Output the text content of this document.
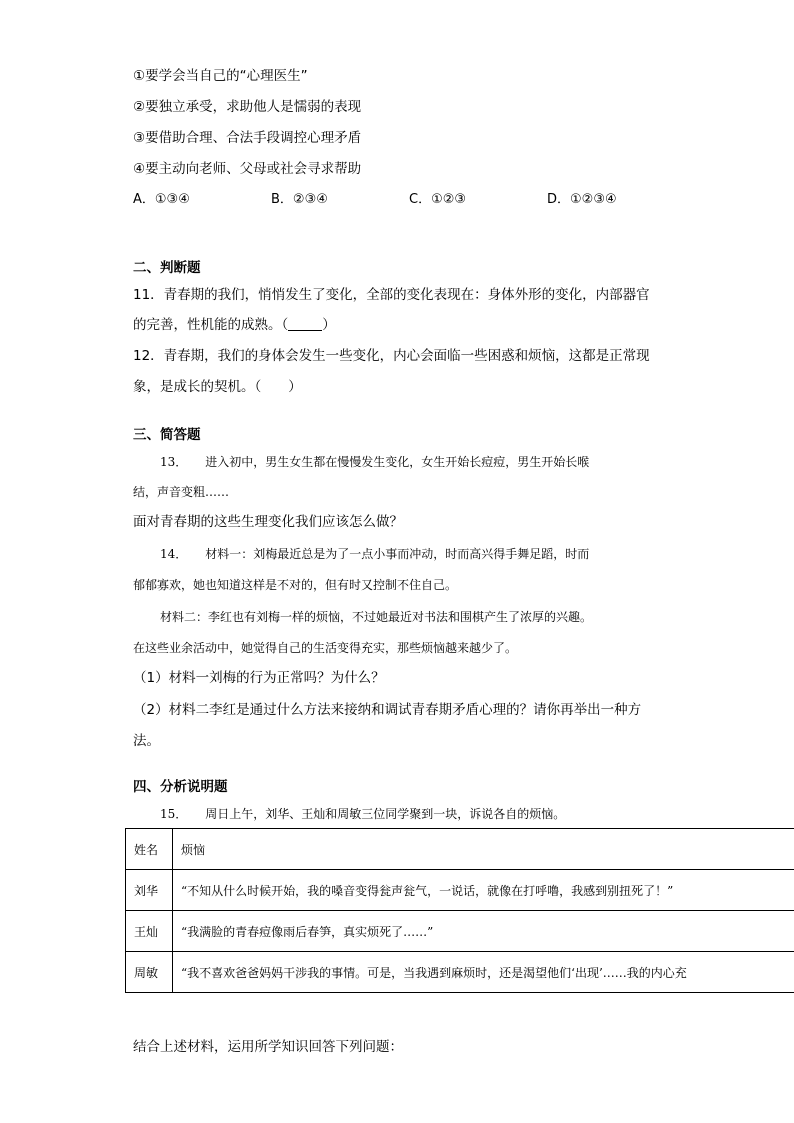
①要学会当自己的“心理医生”
②要独立承受，求助他人是懦弱的表现
③要借助合理、合法手段调控心理矛盾
④要主动向老师、父母或社会寻求帮助
A．①③④	B．②③④	C．①②③	D．①②③④
二、判断题
11．青春期的我们，悄悄发生了变化，全部的变化表现在：身体外形的变化，内部器官
的完善，性机能的成熟。（	）
12．青春期，我们的身体会发生一些变化，内心会面临一些困惑和烦恼，这都是正常现
象，是成长的契机。（　　）
三、简答题
13．　　进入初中，男生女生都在慢慢发生变化，女生开始长痘痘，男生开始长喉
结，声音变粗……
面对青春期的这些生理变化我们应该怎么做？
14．　　材料一：刘梅最近总是为了一点小事而冲动，时而高兴得手舞足蹈，时而
郁郁寡欢，她也知道这样是不对的，但有时又控制不住自己。
材料二：李红也有刘梅一样的烦恼，不过她最近对书法和围棋产生了浓厚的兴趣。
在这些业余活动中，她觉得自己的生活变得充实，那些烦恼越来越少了。
（1）材料一刘梅的行为正常吗？为什么？
（2）材料二李红是通过什么方法来接纳和调试青春期矛盾心理的？请你再举出一种方
法。
四、分析说明题
15．　　周日上午，刘华、王灿和周敏三位同学聚到一块，诉说各自的烦恼。
姓名	烦恼
刘华	“不知从什么时候开始，我的嗓音变得瓮声瓮气，一说话，就像在打呼噜，我感到别扭死了！”
王灿	“我满脸的青春痘像雨后春笋，真实烦死了……”
周敏	“我不喜欢爸爸妈妈干涉我的事情。可是，当我遇到麻烦时，还是渴望他们‘出现’……我的内心充
结合上述材料，运用所学知识回答下列问题：
